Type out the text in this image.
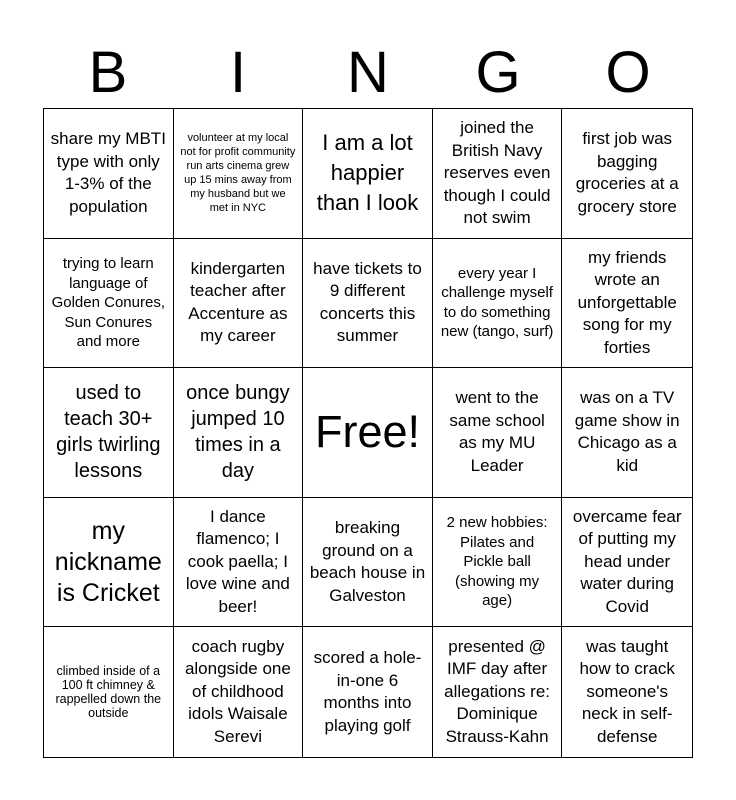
B	I	N	G	O
share my MBTI type with only 1-3% of the population
volunteer at my local not for profit community run arts cinema grew up 15 mins away from my husband but we met in NYC
I am a lot happier than I look
joined the British Navy reserves even though I could not swim
first job was bagging groceries at a grocery store
trying to learn language of Golden Conures, Sun Conures and more
kindergarten teacher after Accenture as my career
have tickets to 9 different concerts this summer
every year I challenge myself to do something new (tango, surf)
my friends wrote an unforgettable song for my forties
used to teach 30+ girls twirling lessons
once bungy jumped 10 times in a day
Free!
went to the same school as my MU Leader
was on a TV game show in Chicago as a kid
my nickname is Cricket
I dance flamenco; I cook paella; I love wine and beer!
breaking ground on a beach house in Galveston
2 new hobbies: Pilates and Pickle ball (showing my age)
overcame fear of putting my head under water during Covid
climbed inside of a 100 ft chimney & rappelled down the outside
coach rugby alongside one of childhood idols Waisale Serevi
scored a hole-in-one 6 months into playing golf
presented @ IMF day after allegations re: Dominique Strauss-Kahn
was taught how to crack someone's neck in self-defense
